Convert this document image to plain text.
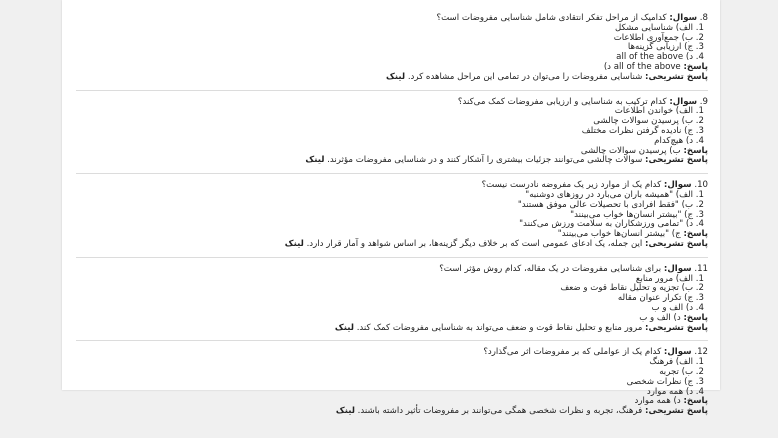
8. سوال: کدامیک از مراحل تفکر انتقادی شامل شناسایی مفروضات است؟
1. الف) شناسایی مشکل
2. ب) جمع‌آوری اطلاعات
3. ج) ارزیابی گزینه‌ها
4. د) all of the above
پاسخ: all of the above د)
پاسخ تشریحی: شناسایی مفروضات را می‌توان در تمامی این مراحل مشاهده کرد. لینک
9. سوال: کدام ترکیب به شناسایی و ارزیابی مفروضات کمک می‌کند؟
1. الف) خواندن اطلاعات
2. ب) پرسیدن سوالات چالشی
3. ج) نادیده گرفتن نظرات مختلف
4. د) هیچ‌کدام
پاسخ: ب) پرسیدن سوالات چالشی
پاسخ تشریحی: سوالات چالشی می‌توانند جزئیات بیشتری را آشکار کنند و در شناسایی مفروضات مؤثرند. لینک
10. سوال: کدام یک از موارد زیر یک مفروضه نادرست نیست؟
1. الف) "همیشه باران می‌بارد در روزهای دوشنبه"
2. ب) "فقط افرادی با تحصیلات عالی موفق هستند"
3. ج) "بیشتر انسان‌ها خواب می‌بینند"
4. د) "تمامی ورزشکاران به سلامت ورزش می‌کنند"
پاسخ: ج) "بیشتر انسان‌ها خواب می‌بینند"
پاسخ تشریحی: این جمله، یک ادعای عمومی است که بر خلاف دیگر گزینه‌ها، بر اساس شواهد و آمار قرار دارد. لینک
11. سوال: برای شناسایی مفروضات در یک مقاله، کدام روش مؤثر است؟
1. الف) مرور منابع
2. ب) تجزیه و تحلیل نقاط قوت و ضعف
3. ج) تکرار عنوان مقاله
4. د) الف و ب
پاسخ: د) الف و ب
پاسخ تشریحی: مرور منابع و تحلیل نقاط قوت و ضعف می‌تواند به شناسایی مفروضات کمک کند. لینک
12. سوال: کدام یک از عواملی که بر مفروضات اثر می‌گذارد؟
1. الف) فرهنگ
2. ب) تجربه
3. ج) نظرات شخصی
4. د) همه موارد
پاسخ: د) همه موارد
پاسخ تشریحی: فرهنگ، تجربه و نظرات شخصی همگی می‌توانند بر مفروضات تأثیر داشته باشند. لینک
